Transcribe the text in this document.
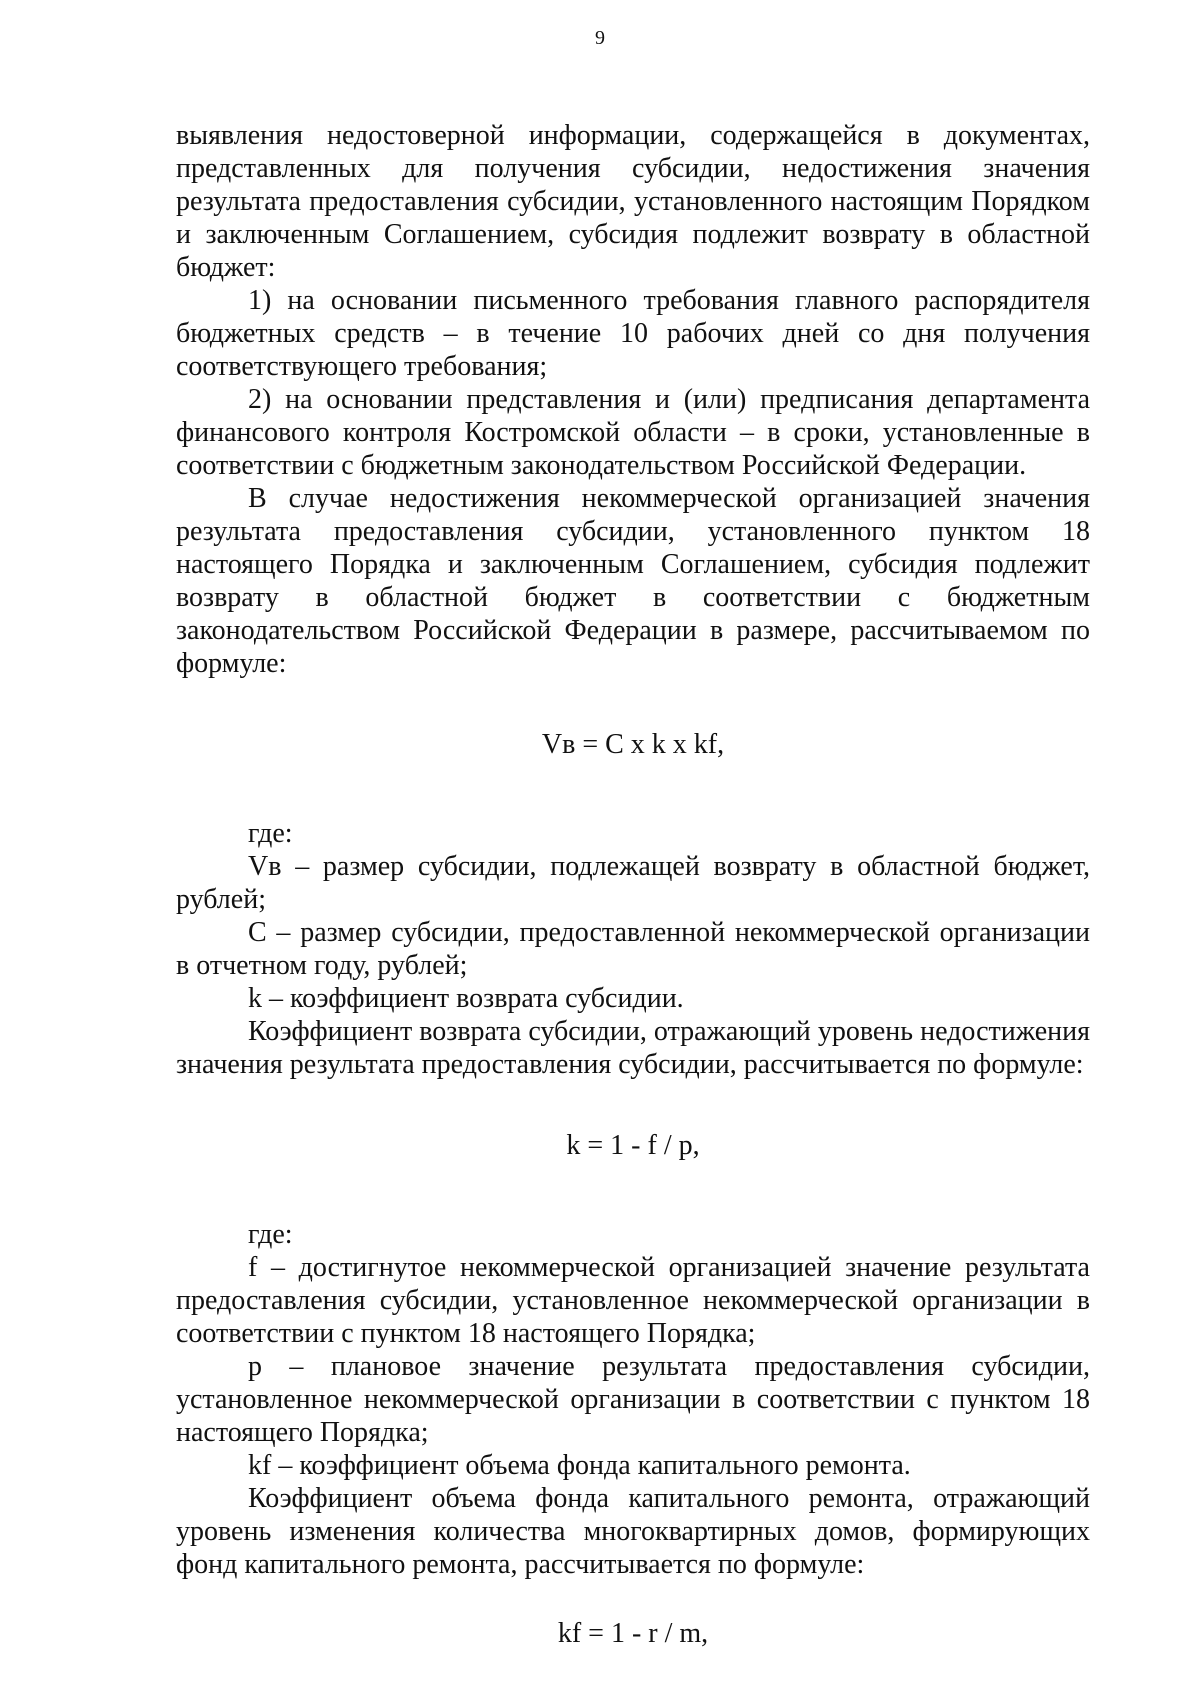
9

выявления недостоверной информации, содержащейся в документах, представленных для получения субсидии, недостижения значения результата предоставления субсидии, установленного настоящим Порядком и заключенным Соглашением, субсидия подлежит возврату в областной бюджет:

1) на основании письменного требования главного распорядителя бюджетных средств – в течение 10 рабочих дней со дня получения соответствующего требования;

2) на основании представления и (или) предписания департамента финансового контроля Костромской области – в сроки, установленные в соответствии с бюджетным законодательством Российской Федерации.

В случае недостижения некоммерческой организацией значения результата предоставления субсидии, установленного пунктом 18 настоящего Порядка и заключенным Соглашением, субсидия подлежит возврату в областной бюджет в соответствии с бюджетным законодательством Российской Федерации в размере, рассчитываемом по формуле:

Vв = С x k x kf,

где:

Vв – размер субсидии, подлежащей возврату в областной бюджет, рублей;

С – размер субсидии, предоставленной некоммерческой организации в отчетном году, рублей;

k – коэффициент возврата субсидии.

Коэффициент возврата субсидии, отражающий уровень недостижения значения результата предоставления субсидии, рассчитывается по формуле:

k = 1 - f / p,

где:

f – достигнутое некоммерческой организацией значение результата предоставления субсидии, установленное некоммерческой организации в соответствии с пунктом 18 настоящего Порядка;

p – плановое значение результата предоставления субсидии, установленное некоммерческой организации в соответствии с пунктом 18 настоящего Порядка;

kf – коэффициент объема фонда капитального ремонта.

Коэффициент объема фонда капитального ремонта, отражающий уровень изменения количества многоквартирных домов, формирующих фонд капитального ремонта, рассчитывается по формуле:

kf = 1 - r / m,
